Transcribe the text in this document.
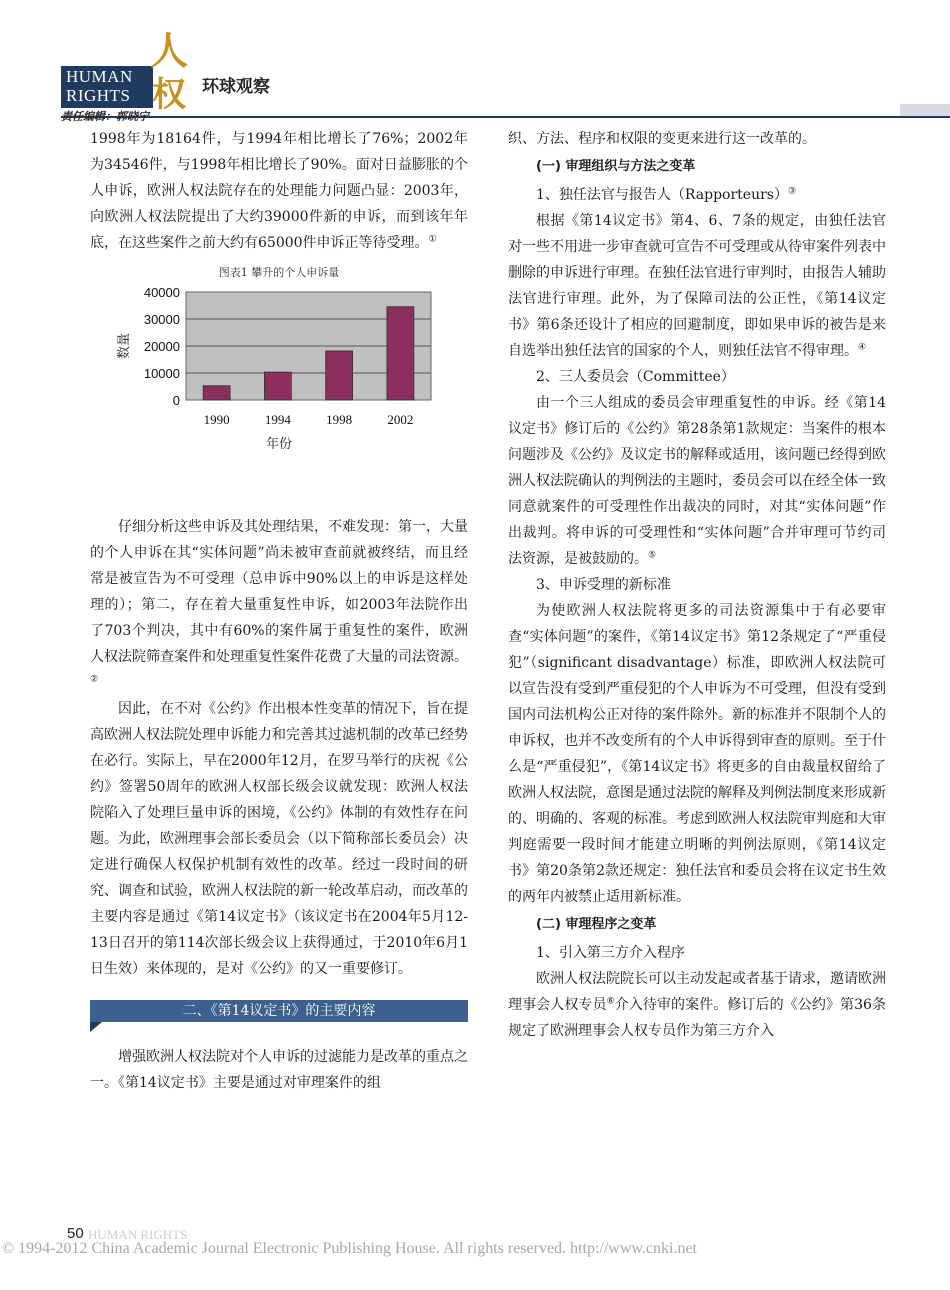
HUMAN
RIGHTS
人
权 环球观察
责任编辑：郭晓宁

1998年为18164件，与1994年相比增长了76%；2002年为34546件，与1998年相比增长了90%。面对日益膨胀的个人申诉，欧洲人权法院存在的处理能力问题凸显：2003年，向欧洲人权法院提出了大约39000件新的申诉，而到该年年底，在这些案件之前大约有65000件申诉正等待受理。①

图表1 攀升的个人申诉量
0
10000
20000
30000
40000
1990	1994	1998	2002
年份
数量

仔细分析这些申诉及其处理结果，不难发现：第一，大量的个人申诉在其“实体问题”尚未被审查前就被终结，而且经常是被宣告为不可受理（总申诉中90%以上的申诉是这样处理的）；第二，存在着大量重复性申诉，如2003年法院作出了703个判决，其中有60%的案件属于重复性的案件，欧洲人权法院筛查案件和处理重复性案件花费了大量的司法资源。②

因此，在不对《公约》作出根本性变革的情况下，旨在提高欧洲人权法院处理申诉能力和完善其过滤机制的改革已经势在必行。实际上，早在2000年12月，在罗马举行的庆祝《公约》签署50周年的欧洲人权部长级会议就发现：欧洲人权法院陷入了处理巨量申诉的困境，《公约》体制的有效性存在问题。为此，欧洲理事会部长委员会（以下简称部长委员会）决定进行确保人权保护机制有效性的改革。经过一段时间的研究、调查和试验，欧洲人权法院的新一轮改革启动，而改革的主要内容是通过《第14议定书》（该议定书在2004年5月12-13日召开的第114次部长级会议上获得通过，于2010年6月1日生效）来体现的，是对《公约》的又一重要修订。

二、《第14议定书》的主要内容

增强欧洲人权法院对个人申诉的过滤能力是改革的重点之一。《第14议定书》主要是通过对审理案件的组

织、方法、程序和权限的变更来进行这一改革的。

(一) 审理组织与方法之变革

1、独任法官与报告人（Rapporteurs）③

根据《第14议定书》第4、6、7条的规定，由独任法官对一些不用进一步审查就可宣告不可受理或从待审案件列表中删除的申诉进行审理。在独任法官进行审判时，由报告人辅助法官进行审理。此外，为了保障司法的公正性，《第14议定书》第6条还设计了相应的回避制度，即如果申诉的被告是来自选举出独任法官的国家的个人，则独任法官不得审理。④

2、三人委员会（Committee）

由一个三人组成的委员会审理重复性的申诉。经《第14议定书》修订后的《公约》第28条第1款规定：当案件的根本问题涉及《公约》及议定书的解释或适用，该问题已经得到欧洲人权法院确认的判例法的主题时，委员会可以在经全体一致同意就案件的可受理性作出裁决的同时，对其“实体问题”作出裁判。将申诉的可受理性和“实体问题”合并审理可节约司法资源，是被鼓励的。⑤

3、申诉受理的新标准

为使欧洲人权法院将更多的司法资源集中于有必要审查“实体问题”的案件，《第14议定书》第12条规定了“严重侵犯”（significant disadvantage）标准，即欧洲人权法院可以宣告没有受到严重侵犯的个人申诉为不可受理，但没有受到国内司法机构公正对待的案件除外。新的标准并不限制个人的申诉权，也并不改变所有的个人申诉得到审查的原则。至于什么是“严重侵犯”，《第14议定书》将更多的自由裁量权留给了欧洲人权法院，意图是通过法院的解释及判例法制度来形成新的、明确的、客观的标准。考虑到欧洲人权法院审判庭和大审判庭需要一段时间才能建立明晰的判例法原则，《第14议定书》第20条第2款还规定：独任法官和委员会将在议定书生效的两年内被禁止适用新标准。

(二) 审理程序之变革

1、引入第三方介入程序

欧洲人权法院院长可以主动发起或者基于请求，邀请欧洲理事会人权专员⑥介入待审的案件。修订后的《公约》第36条规定了欧洲理事会人权专员作为第三方介入

50 HUMAN RIGHTS
© 1994-2012 China Academic Journal Electronic Publishing House. All rights reserved. http://www.cnki.net
